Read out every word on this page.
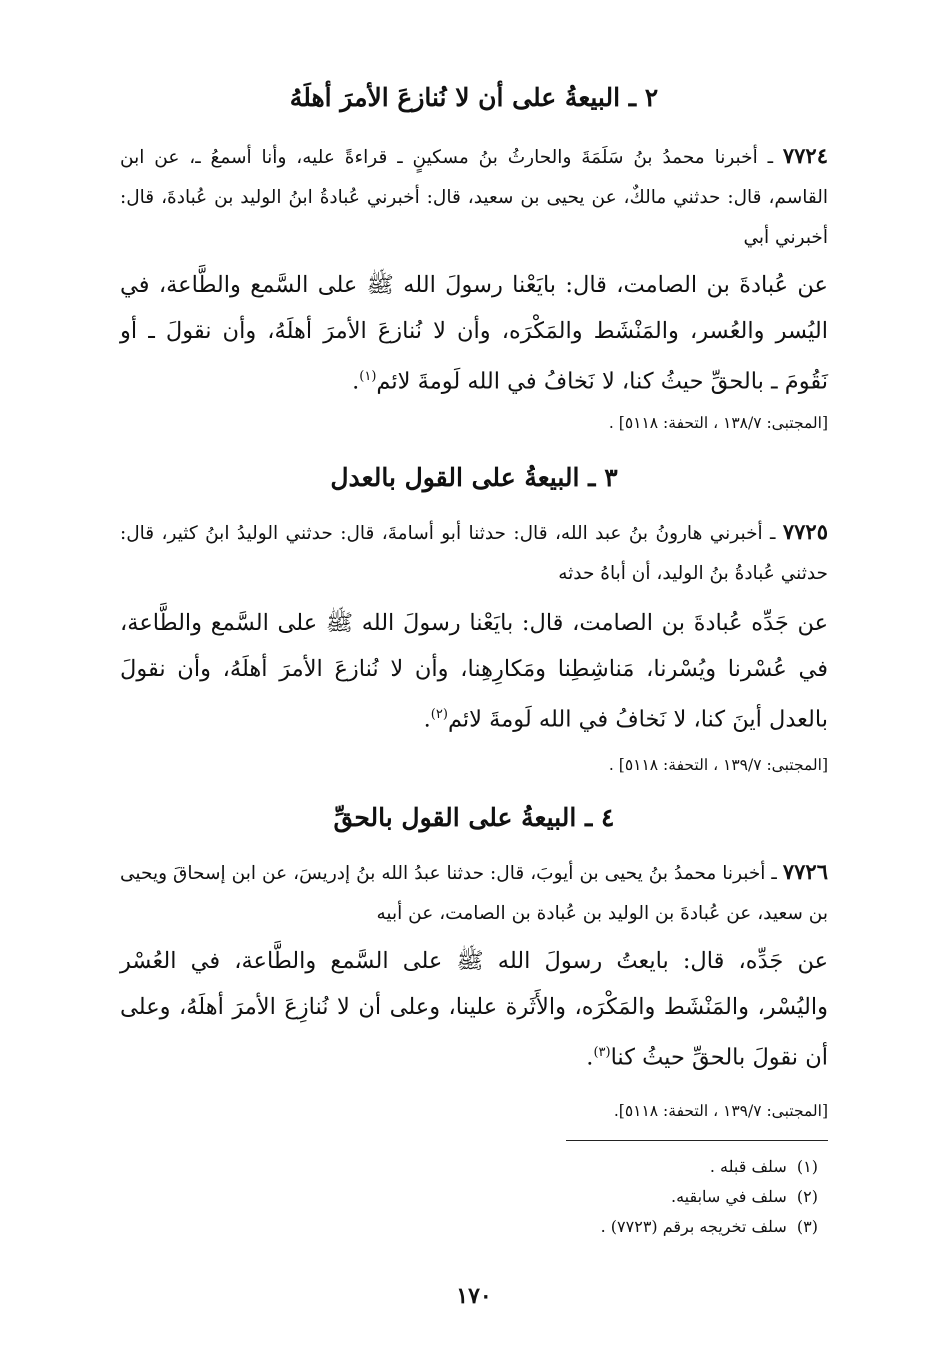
٢ ـ البيعةُ على أن لا نُنازعَ الأمرَ أهلَهُ
٧٧٢٤ ـ أخبرنا محمدُ بنُ سَلَمَةَ والحارثُ بنُ مسكينٍ ـ قراءةً عليه، وأنا أسمعُ ـ، عن ابن القاسم، قال: حدثني مالكٌ، عن يحيى بن سعيد، قال: أخبرني عُبادةُ ابنُ الوليد بن عُبادةَ، قال: أخبرني أبي
عن عُبادةَ بن الصامت، قال: بايَعْنا رسولَ الله ﷺ على السَّمع والطَّاعة، في اليُسر والعُسر، والمَنْشَط والمَكْرَه، وأن لا نُنازعَ الأمرَ أهلَهُ، وأن نقولَ ـ أو نَقُومَ ـ بالحقِّ حيثُ كنا، لا نَخافُ في الله لَومةَ لائم$^{(١)}$.
[المجتبى: ١٣٨/٧ ، التحفة: ٥١١٨] .
٣ ـ البيعةُ على القول بالعدل
٧٧٢٥ ـ أخبرني هارونُ بنُ عبد الله، قال: حدثنا أبو أسامةَ، قال: حدثني الوليدُ ابنُ كثير، قال: حدثني عُبادةُ بنُ الوليد، أن أباهُ حدثه
عن جَدِّه عُبادةَ بن الصامت، قال: بايَعْنا رسولَ الله ﷺ على السَّمع والطَّاعة، في عُسْرنا ويُسْرنا، مَناشِطِنا ومَكارِهِنا، وأن لا نُنازعَ الأمرَ أهلَهُ، وأن نقولَ بالعدل أينَ كنا، لا نَخافُ في الله لَومةَ لائم$^{(٢)}$.
[المجتبى: ١٣٩/٧ ، التحفة: ٥١١٨] .
٤ ـ البيعةُ على القول بالحقِّ
٧٧٢٦ ـ أخبرنا محمدُ بنُ يحيى بن أيوبَ، قال: حدثنا عبدُ الله بنُ إدريسَ، عن ابن إسحاقَ ويحيى بن سعيد، عن عُبادةَ بن الوليد بن عُبادة بن الصامت، عن أبيه
عن جَدِّه، قال: بايعتُ رسولَ الله ﷺ على السَّمع والطَّاعة، في العُسْر واليُسْر، والمَنْشَط والمَكْرَه، والأَثَرة علينا، وعلى أن لا نُنازِعَ الأمرَ أهلَهُ، وعلى أن نقولَ بالحقِّ حيثُ كنا$^{(٣)}$.
[المجتبى: ١٣٩/٧ ، التحفة: ٥١١٨].
(١)  سلف قبله .
(٢)  سلف في سابقيه.
(٣)  سلف تخريجه برقم (٧٧٢٣) .
١٧٠
